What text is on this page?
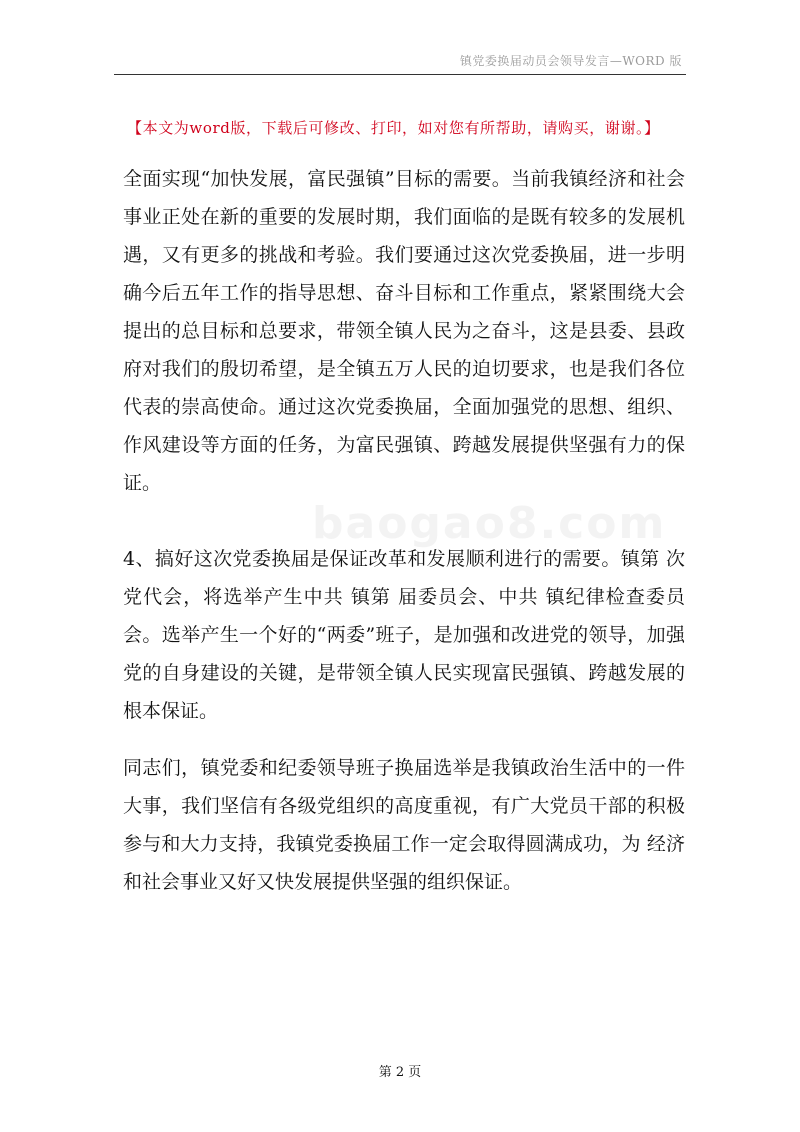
镇党委换届动员会领导发言—WORD 版
【本文为word版，下载后可修改、打印，如对您有所帮助，请购买，谢谢。】
baogao8.com

全面实现“加快发展，富民强镇”目标的需要。当前我镇经济和社会事业正处在新的重要的发展时期，我们面临的是既有较多的发展机遇，又有更多的挑战和考验。我们要通过这次党委换届，进一步明确今后五年工作的指导思想、奋斗目标和工作重点，紧紧围绕大会提出的总目标和总要求，带领全镇人民为之奋斗，这是县委、县政府对我们的殷切希望，是全镇五万人民的迫切要求，也是我们各位代表的崇高使命。通过这次党委换届，全面加强党的思想、组织、作风建设等方面的任务，为富民强镇、跨越发展提供坚强有力的保证。

4、搞好这次党委换届是保证改革和发展顺利进行的需要。镇第 次党代会，将选举产生中共 镇第 届委员会、中共 镇纪律检查委员会。选举产生一个好的“两委”班子，是加强和改进党的领导，加强党的自身建设的关键，是带领全镇人民实现富民强镇、跨越发展的根本保证。

同志们，镇党委和纪委领导班子换届选举是我镇政治生活中的一件大事，我们坚信有各级党组织的高度重视，有广大党员干部的积极参与和大力支持，我镇党委换届工作一定会取得圆满成功，为 经济和社会事业又好又快发展提供坚强的组织保证。

第 2 页
